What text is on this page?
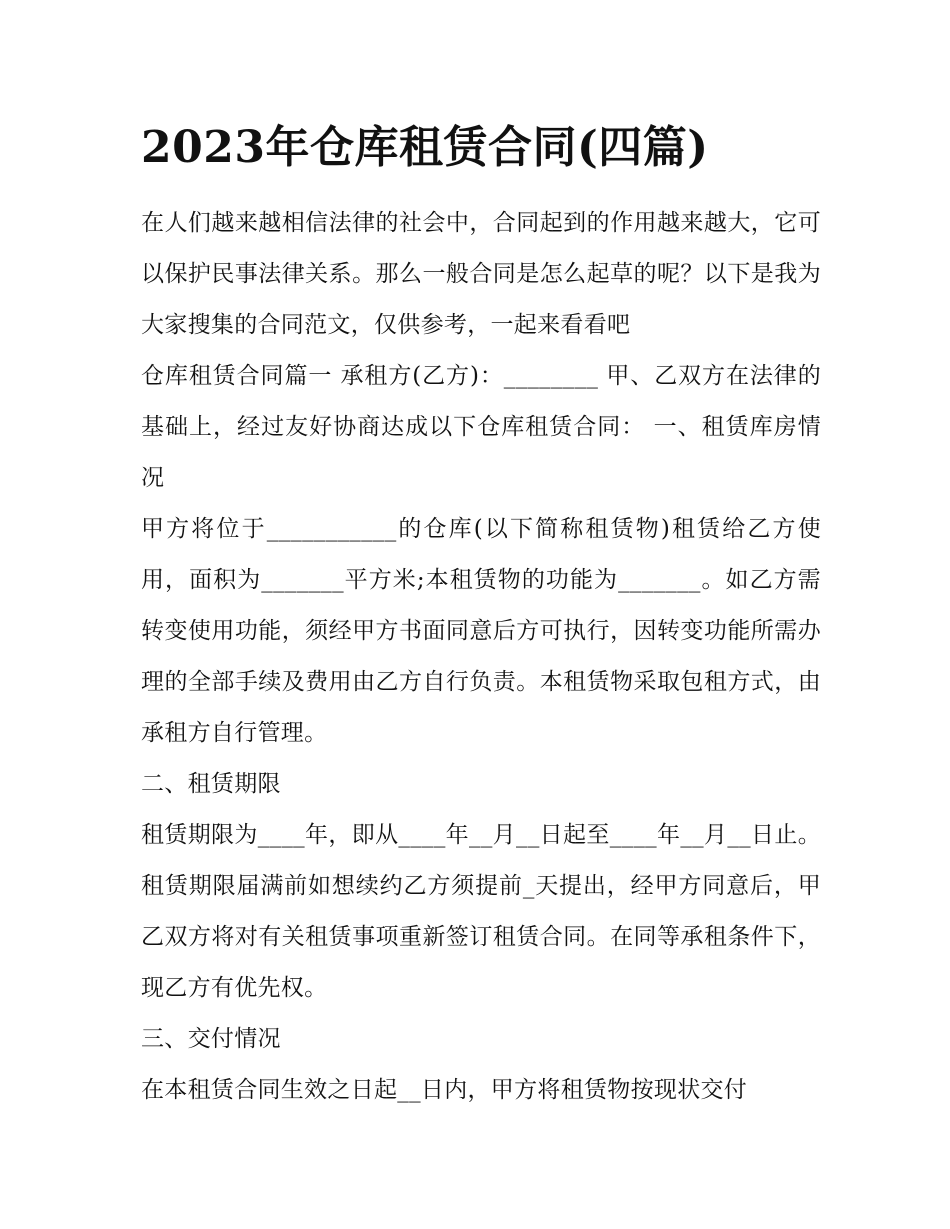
2023年仓库租赁合同(四篇)

在人们越来越相信法律的社会中，合同起到的作用越来越大，它可以保护民事法律关系。那么一般合同是怎么起草的呢？以下是我为大家搜集的合同范文，仅供参考，一起来看看吧

仓库租赁合同篇一 承租方(乙方)：________ 甲、乙双方在法律的基础上，经过友好协商达成以下仓库租赁合同： 一、租赁库房情况

甲方将位于___________的仓库(以下简称租赁物)租赁给乙方使用，面积为_______平方米;本租赁物的功能为_______。如乙方需转变使用功能，须经甲方书面同意后方可执行，因转变功能所需办理的全部手续及费用由乙方自行负责。本租赁物采取包租方式，由承租方自行管理。

二、租赁期限

租赁期限为____年，即从____年__月__日起至____年__月__日止。租赁期限届满前如想续约乙方须提前_天提出，经甲方同意后，甲乙双方将对有关租赁事项重新签订租赁合同。在同等承租条件下，现乙方有优先权。

三、交付情况

在本租赁合同生效之日起__日内，甲方将租赁物按现状交付
